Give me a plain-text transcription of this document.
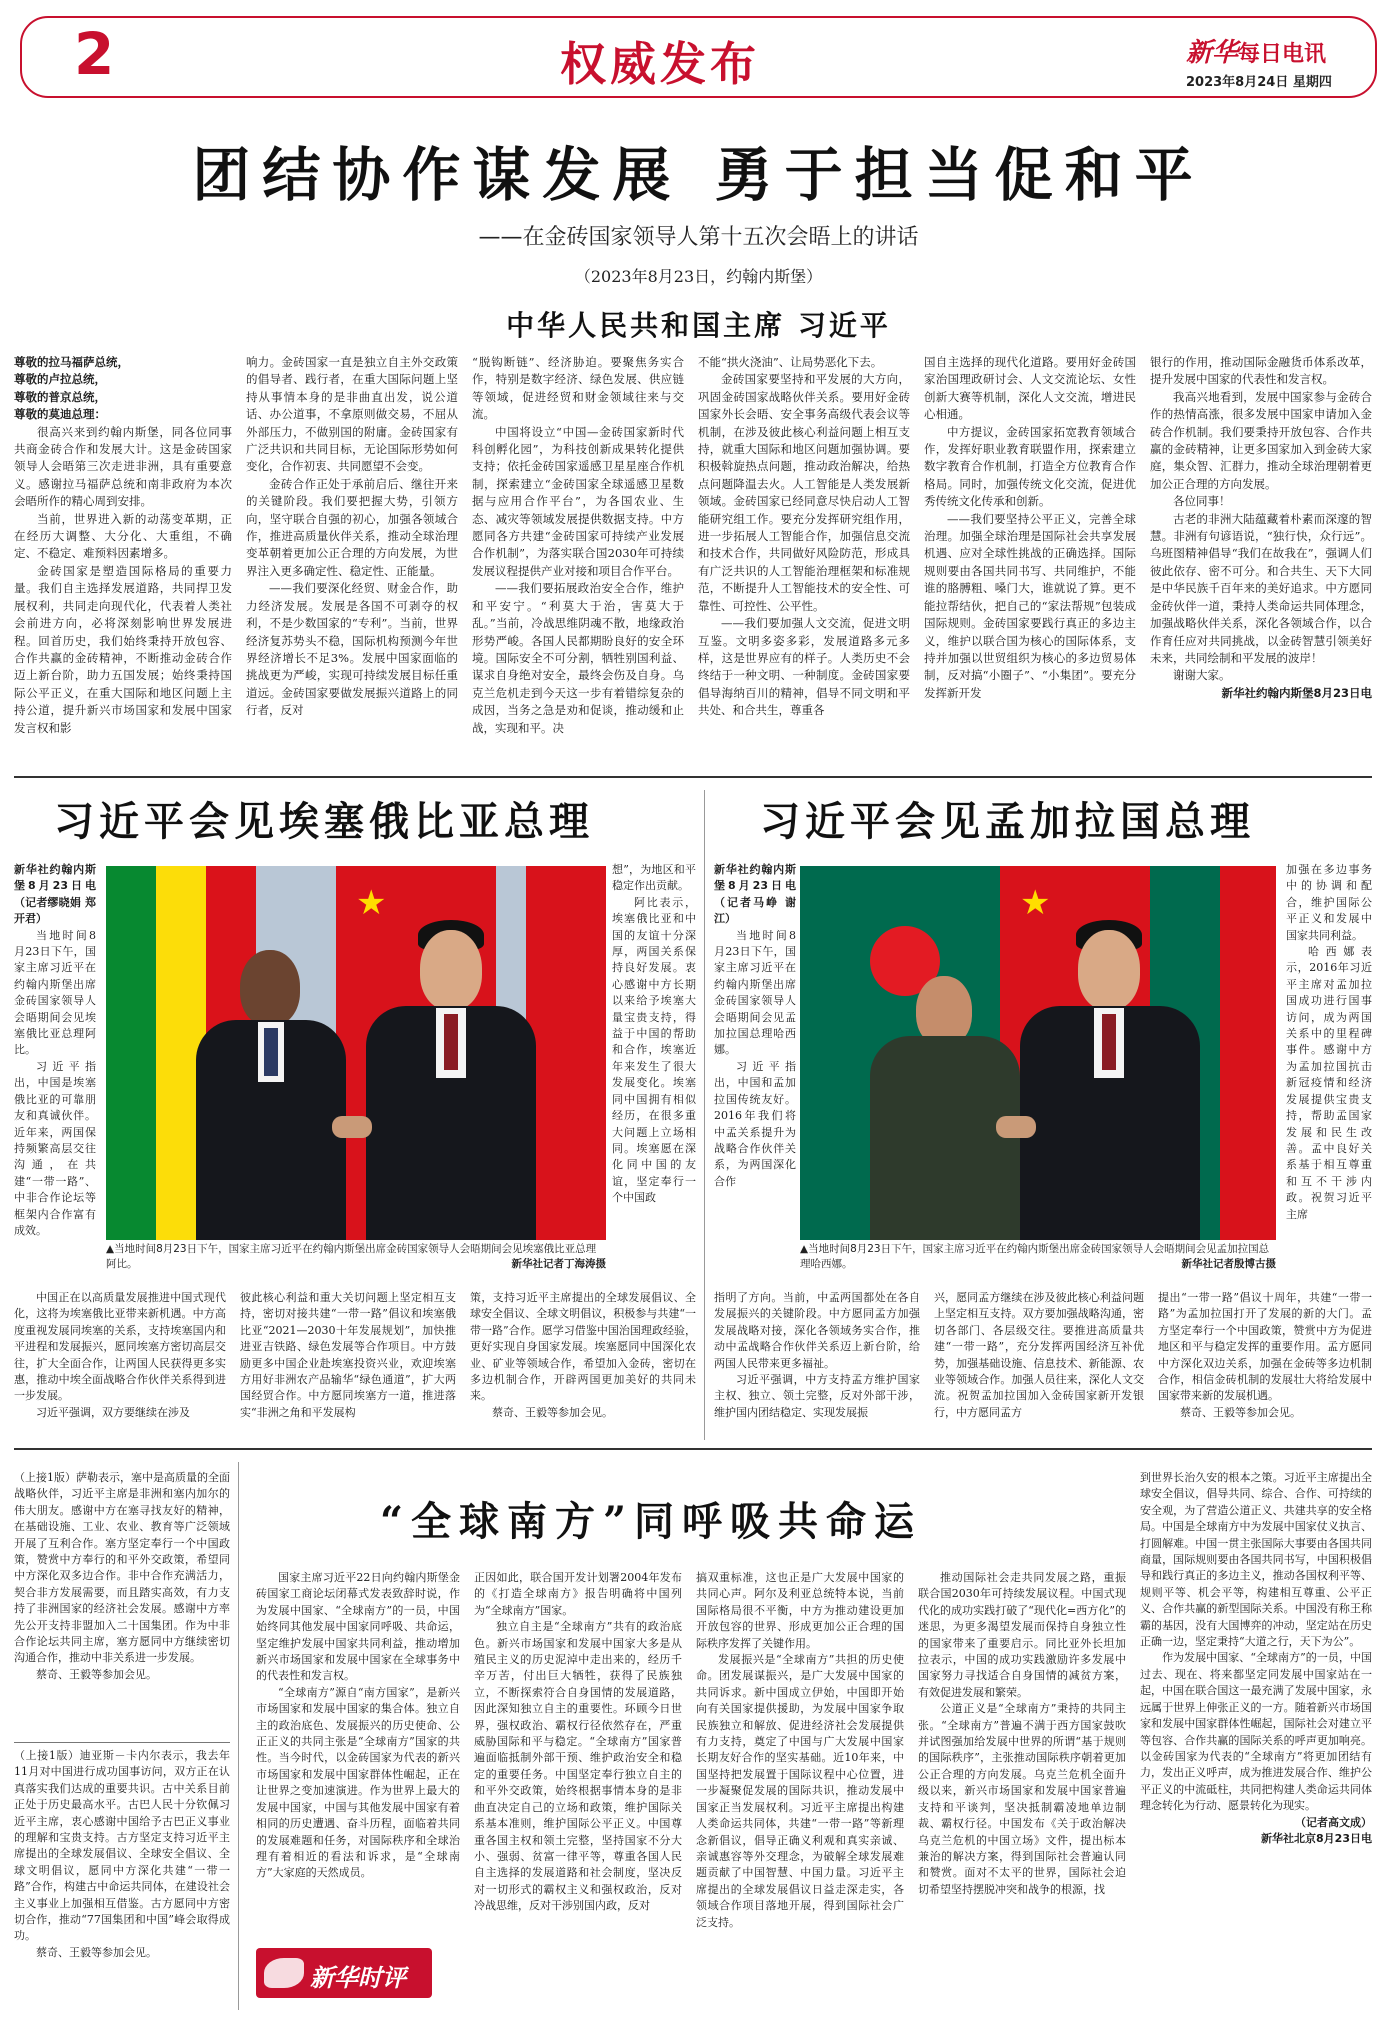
2	权威发布	新华每日电讯
2023年8月24日 星期四
团结协作谋发展 勇于担当促和平
——在金砖国家领导人第十五次会晤上的讲话
（2023年8月23日，约翰内斯堡）
中华人民共和国主席 习近平

尊敬的拉马福萨总统，

尊敬的卢拉总统，

尊敬的普京总统，

尊敬的莫迪总理：

很高兴来到约翰内斯堡，同各位同事共商金砖合作和发展大计。这是金砖国家领导人会晤第三次走进非洲，具有重要意义。感谢拉马福萨总统和南非政府为本次会晤所作的精心周到安排。

当前，世界进入新的动荡变革期，正在经历大调整、大分化、大重组，不确定、不稳定、难预料因素增多。

金砖国家是塑造国际格局的重要力量。我们自主选择发展道路，共同捍卫发展权利，共同走向现代化，代表着人类社会前进方向，必将深刻影响世界发展进程。回首历史，我们始终秉持开放包容、合作共赢的金砖精神，不断推动金砖合作迈上新台阶，助力五国发展；始终秉持国际公平正义，在重大国际和地区问题上主持公道，提升新兴市场国家和发展中国家发言权和影

响力。金砖国家一直是独立自主外交政策的倡导者、践行者，在重大国际问题上坚持从事情本身的是非曲直出发，说公道话、办公道事，不拿原则做交易，不屈从外部压力，不做别国的附庸。金砖国家有广泛共识和共同目标，无论国际形势如何变化，合作初衷、共同愿望不会变。

金砖合作正处于承前启后、继往开来的关键阶段。我们要把握大势，引领方向，坚守联合自强的初心，加强各领域合作，推进高质量伙伴关系，推动全球治理变革朝着更加公正合理的方向发展，为世界注入更多确定性、稳定性、正能量。

——我们要深化经贸、财金合作，助力经济发展。发展是各国不可剥夺的权利，不是少数国家的“专利”。当前，世界经济复苏势头不稳，国际机构预测今年世界经济增长不足3%。发展中国家面临的挑战更为严峻，实现可持续发展目标任重道远。金砖国家要做发展振兴道路上的同行者，反对

“脱钩断链”、经济胁迫。要聚焦务实合作，特别是数字经济、绿色发展、供应链等领域，促进经贸和财金领域往来与交流。

中国将设立“中国—金砖国家新时代科创孵化园”，为科技创新成果转化提供支持；依托金砖国家遥感卫星星座合作机制，探索建立“金砖国家全球遥感卫星数据与应用合作平台”，为各国农业、生态、减灾等领域发展提供数据支持。中方愿同各方共建“金砖国家可持续产业发展合作机制”，为落实联合国2030年可持续发展议程提供产业对接和项目合作平台。

——我们要拓展政治安全合作，维护和平安宁。“利莫大于治，害莫大于乱。”当前，冷战思维阴魂不散，地缘政治形势严峻。各国人民都期盼良好的安全环境。国际安全不可分割，牺牲别国利益、谋求自身绝对安全，最终会伤及自身。乌克兰危机走到今天这一步有着错综复杂的成因，当务之急是劝和促谈，推动缓和止战，实现和平。决

不能“拱火浇油”、让局势恶化下去。

金砖国家要坚持和平发展的大方向，巩固金砖国家战略伙伴关系。要用好金砖国家外长会晤、安全事务高级代表会议等机制，在涉及彼此核心利益问题上相互支持，就重大国际和地区问题加强协调。要积极斡旋热点问题，推动政治解决，给热点问题降温去火。人工智能是人类发展新领域。金砖国家已经同意尽快启动人工智能研究组工作。要充分发挥研究组作用，进一步拓展人工智能合作，加强信息交流和技术合作，共同做好风险防范，形成具有广泛共识的人工智能治理框架和标准规范，不断提升人工智能技术的安全性、可靠性、可控性、公平性。

——我们要加强人文交流，促进文明互鉴。文明多姿多彩，发展道路多元多样，这是世界应有的样子。人类历史不会终结于一种文明、一种制度。金砖国家要倡导海纳百川的精神，倡导不同文明和平共处、和合共生，尊重各

国自主选择的现代化道路。要用好金砖国家治国理政研讨会、人文交流论坛、女性创新大赛等机制，深化人文交流，增进民心相通。

中方提议，金砖国家拓宽教育领域合作，发挥好职业教育联盟作用，探索建立数字教育合作机制，打造全方位教育合作格局。同时，加强传统文化交流，促进优秀传统文化传承和创新。

——我们要坚持公平正义，完善全球治理。加强全球治理是国际社会共享发展机遇、应对全球性挑战的正确选择。国际规则要由各国共同书写、共同维护，不能谁的胳膊粗、嗓门大，谁就说了算。更不能拉帮结伙，把自己的“家法帮规”包装成国际规则。金砖国家要践行真正的多边主义，维护以联合国为核心的国际体系，支持并加强以世贸组织为核心的多边贸易体制，反对搞“小圈子”、“小集团”。要充分发挥新开发

银行的作用，推动国际金融货币体系改革，提升发展中国家的代表性和发言权。

我高兴地看到，发展中国家参与金砖合作的热情高涨，很多发展中国家申请加入金砖合作机制。我们要秉持开放包容、合作共赢的金砖精神，让更多国家加入到金砖大家庭，集众智、汇群力，推动全球治理朝着更加公正合理的方向发展。

各位同事！

古老的非洲大陆蕴藏着朴素而深邃的智慧。非洲有句谚语说，“独行快，众行远”。乌班图精神倡导“我们在故我在”，强调人们彼此依存、密不可分。和合共生、天下大同是中华民族千百年来的美好追求。中方愿同金砖伙伴一道，秉持人类命运共同体理念，加强战略伙伴关系，深化各领域合作，以合作育任应对共同挑战，以金砖智慧引领美好未来，共同绘制和平发展的波岸！

谢谢大家。

新华社约翰内斯堡8月23日电

习近平会见埃塞俄比亚总理

新华社约翰内斯堡8月23日电（记者缪晓娟 郑开君）

当地时间8月23日下午，国家主席习近平在约翰内斯堡出席金砖国家领导人会晤期间会见埃塞俄比亚总理阿比。

习近平指出，中国是埃塞俄比亚的可靠朋友和真诚伙伴。近年来，两国保持频繁高层交往沟通，在共建“一带一路”、中非合作论坛等框架内合作富有成效。

★
▲当地时间8月23日下午，国家主席习近平在约翰内斯堡出席金砖国家领导人会晤期间会见埃塞俄比亚总理阿比。	新华社记者丁海涛摄

想”，为地区和平稳定作出贡献。

阿比表示，埃塞俄比亚和中国的友谊十分深厚，两国关系保持良好发展。衷心感谢中方长期以来给予埃塞大量宝贵支持，得益于中国的帮助和合作，埃塞近年来发生了很大发展变化。埃塞同中国拥有相似经历，在很多重大问题上立场相同。埃塞愿在深化同中国的友谊，坚定奉行一个中国政

中国正在以高质量发展推进中国式现代化，这将为埃塞俄比亚带来新机遇。中方高度重视发展同埃塞的关系，支持埃塞国内和平进程和发展振兴，愿同埃塞方密切高层交往，扩大全面合作，让两国人民获得更多实惠，推动中埃全面战略合作伙伴关系得到进一步发展。

习近平强调，双方要继续在涉及

彼此核心利益和重大关切问题上坚定相互支持，密切对接共建“一带一路”倡议和埃塞俄比亚“2021—2030十年发展规划”，加快推进亚吉铁路、绿色发展等合作项目。中方鼓励更多中国企业赴埃塞投资兴业，欢迎埃塞方用好非洲农产品输华“绿色通道”，扩大两国经贸合作。中方愿同埃塞方一道，推进落实“非洲之角和平发展构

策，支持习近平主席提出的全球发展倡议、全球安全倡议、全球文明倡议，积极参与共建“一带一路”合作。愿学习借鉴中国治国理政经验，更好实现自身国家发展。埃塞愿同中国深化农业、矿业等领域合作，希望加入金砖，密切在多边机制合作，开辟两国更加美好的共同未来。

蔡奇、王毅等参加会见。

习近平会见孟加拉国总理

新华社约翰内斯堡8月23日电（记者马峥 谢江）

当地时间8月23日下午，国家主席习近平在约翰内斯堡出席金砖国家领导人会晤期间会见孟加拉国总理哈西娜。

习近平指出，中国和孟加拉国传统友好。2016年我们将中孟关系提升为战略合作伙伴关系，为两国深化合作

★
▲当地时间8月23日下午，国家主席习近平在约翰内斯堡出席金砖国家领导人会晤期间会见孟加拉国总理哈西娜。	新华社记者殷博古摄

加强在多边事务中的协调和配合，维护国际公平正义和发展中国家共同利益。

哈西娜表示，2016年习近平主席对孟加拉国成功进行国事访问，成为两国关系中的里程碑事件。感谢中方为孟加拉国抗击新冠疫情和经济发展提供宝贵支持，帮助孟国家发展和民生改善。孟中良好关系基于相互尊重和互不干涉内政。祝贺习近平主席

指明了方向。当前，中孟两国都处在各自发展振兴的关键阶段。中方愿同孟方加强发展战略对接，深化各领域务实合作，推动中孟战略合作伙伴关系迈上新台阶，给两国人民带来更多福祉。

习近平强调，中方支持孟方维护国家主权、独立、领土完整，反对外部干涉，维护国内团结稳定、实现发展振

兴，愿同孟方继续在涉及彼此核心利益问题上坚定相互支持。双方要加强战略沟通，密切各部门、各层级交往。要推进高质量共建“一带一路”，充分发挥两国经济互补优势，加强基础设施、信息技术、新能源、农业等领域合作。加强人员往来，深化人文交流。祝贺孟加拉国加入金砖国家新开发银行，中方愿同孟方

提出“一带一路”倡议十周年，共建“一带一路”为孟加拉国打开了发展的新的大门。孟方坚定奉行一个中国政策，赞赏中方为促进地区和平与稳定发挥的重要作用。孟方愿同中方深化双边关系，加强在金砖等多边机制合作，相信金砖机制的发展壮大将给发展中国家带来新的发展机遇。

蔡奇、王毅等参加会见。

（上接1版）萨勒表示，塞中是高质量的全面战略伙伴，习近平主席是非洲和塞内加尔的伟大朋友。感谢中方在塞寻找友好的精神，在基础设施、工业、农业、教育等广泛领域开展了互利合作。塞方坚定奉行一个中国政策，赞赏中方奉行的和平外交政策，希望同中方深化双多边合作。非中合作充满活力，契合非方发展需要，而且踏实高效，有力支持了非洲国家的经济社会发展。感谢中方率先公开支持非盟加入二十国集团。作为中非合作论坛共同主席，塞方愿同中方继续密切沟通合作，推动中非关系进一步发展。

蔡奇、王毅等参加会见。

（上接1版）迪亚斯－卡内尔表示，我去年11月对中国进行成功国事访问，双方正在认真落实我们达成的重要共识。古中关系目前正处于历史最高水平。古巴人民十分钦佩习近平主席，衷心感谢中国给予古巴正义事业的理解和宝贵支持。古方坚定支持习近平主席提出的全球发展倡议、全球安全倡议、全球文明倡议，愿同中方深化共建“一带一路”合作，构建古中命运共同体，在建设社会主义事业上加强相互借鉴。古方愿同中方密切合作，推动“77国集团和中国”峰会取得成功。

蔡奇、王毅等参加会见。

“全球南方”同呼吸共命运

国家主席习近平22日向约翰内斯堡金砖国家工商论坛闭幕式发表致辞时说，作为发展中国家、“全球南方”的一员，中国始终同其他发展中国家同呼吸、共命运，坚定维护发展中国家共同利益，推动增加新兴市场国家和发展中国家在全球事务中的代表性和发言权。

“全球南方”源自“南方国家”，是新兴市场国家和发展中国家的集合体。独立自主的政治底色、发展振兴的历史使命、公正正义的共同主张是“全球南方”国家的共性。当今时代，以金砖国家为代表的新兴市场国家和发展中国家群体性崛起，正在让世界之变加速演进。作为世界上最大的发展中国家，中国与其他发展中国家有着相同的历史遭遇、奋斗历程，面临着共同的发展难题和任务，对国际秩序和全球治理有着相近的看法和诉求，是“全球南方”大家庭的天然成员。

新华时评

正因如此，联合国开发计划署2004年发布的《打造全球南方》报告明确将中国列为“全球南方”国家。

独立自主是“全球南方”共有的政治底色。新兴市场国家和发展中国家大多是从殖民主义的历史泥淖中走出来的，经历千辛万苦，付出巨大牺牲，获得了民族独立，不断探索符合自身国情的发展道路，因此深知独立自主的重要性。环顾今日世界，强权政治、霸权行径依然存在，严重威胁国际和平与稳定。“全球南方”国家普遍面临抵制外部干预、维护政治安全和稳定的重要任务。中国坚定奉行独立自主的和平外交政策，始终根据事情本身的是非曲直决定自己的立场和政策，维护国际关系基本准则，维护国际公平正义。中国尊重各国主权和领土完整，坚持国家不分大小、强弱、贫富一律平等，尊重各国人民自主选择的发展道路和社会制度，坚决反对一切形式的霸权主义和强权政治，反对冷战思维，反对干涉别国内政，反对

搞双重标准，这也正是广大发展中国家的共同心声。阿尔及利亚总统特本说，当前国际格局很不平衡，中方为推动建设更加开放包容的世界、形成更加公正合理的国际秩序发挥了关键作用。

发展振兴是“全球南方”共担的历史使命。团发展谋振兴，是广大发展中国家的共同诉求。新中国成立伊始，中国即开始向有关国家提供援助，为发展中国家争取民族独立和解放、促进经济社会发展提供有力支持，奠定了中国与广大发展中国家长期友好合作的坚实基础。近10年来，中国坚持把发展置于国际议程中心位置，进一步凝聚促发展的国际共识，推动发展中国家正当发展权利。习近平主席提出构建人类命运共同体，共建“一带一路”等新理念新倡议，倡导正确义利观和真实亲诚、亲诚惠容等外交理念，为破解全球发展难题贡献了中国智慧、中国力量。习近平主席提出的全球发展倡议日益走深走实，各领域合作项目落地开展，得到国际社会广泛支持。

推动国际社会走共同发展之路，重振联合国2030年可持续发展议程。中国式现代化的成功实践打破了“现代化=西方化”的迷思，为更多渴望发展而保持自身独立性的国家带来了重要启示。同比亚外长坦加拉表示，中国的成功实践激励许多发展中国家努力寻找适合自身国情的减贫方案，有效促进发展和繁荣。

公道正义是“全球南方”秉持的共同主张。“全球南方”普遍不满于西方国家鼓吹并试图强加给发展中世界的所谓“基于规则的国际秩序”，主张推动国际秩序朝着更加公正合理的方向发展。乌克兰危机全面升级以来，新兴市场国家和发展中国家普遍支持和平谈判，坚决抵制霸凌地单边制裁、霸权行径。中国发布《关于政治解决乌克兰危机的中国立场》文件，提出标本兼治的解决方案，得到国际社会普遍认同和赞赏。面对不太平的世界，国际社会迫切希望坚持摆脱冲突和战争的根源，找

到世界长治久安的根本之策。习近平主席提出全球安全倡议，倡导共同、综合、合作、可持续的安全观，为了营造公道正义、共建共享的安全格局。中国是全球南方中为发展中国家仗义执言、打圆解难。中国一贯主张国际大事要由各国共同商量，国际规则要由各国共同书写，中国积极倡导和践行真正的多边主义，推动各国权利平等、规则平等、机会平等，构建相互尊重、公平正义、合作共赢的新型国际关系。中国没有称王称霸的基因，没有大国博弈的冲动，坚定站在历史正确一边，坚定秉持“大道之行，天下为公”。

作为发展中国家、“全球南方”的一员，中国过去、现在、将来都坚定同发展中国家站在一起，中国在联合国这一最充满了发展中国家，永远属于世界上伸张正义的一方。随着新兴市场国家和发展中国家群体性崛起，国际社会对建立平等包容、合作共赢的国际关系的呼声更加响亮。以金砖国家为代表的“全球南方”将更加团结有力，发出正义呼声，成为推进发展合作、维护公平正义的中流砥柱，共同把构建人类命运共同体理念转化为行动、愿景转化为现实。

（记者高文成）

新华社北京8月23日电
